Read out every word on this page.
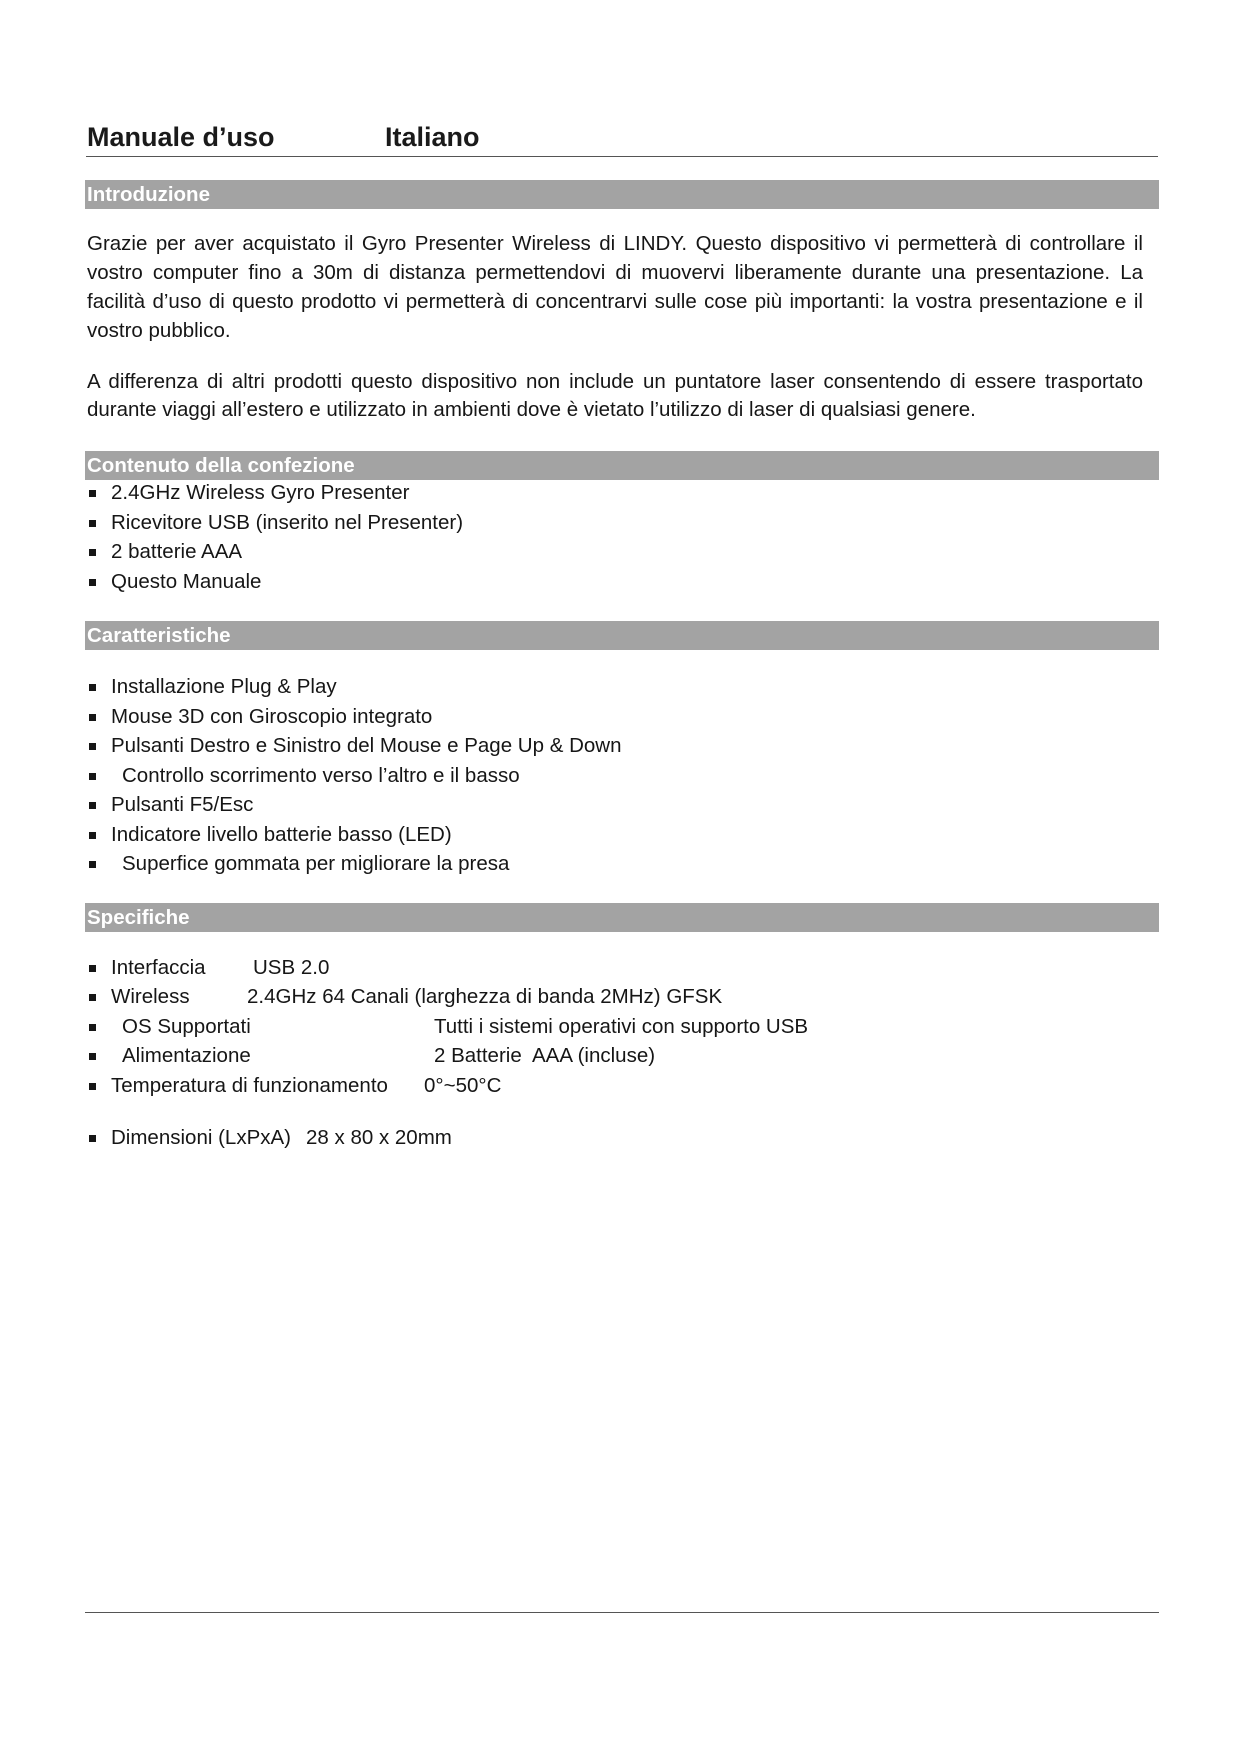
Manuale d’uso	Italiano
Introduzione

Grazie per aver acquistato il Gyro Presenter Wireless di LINDY. Questo dispositivo vi permetterà di controllare il vostro computer fino a 30m di distanza permettendovi di muovervi liberamente durante una presentazione. La facilità d’uso di questo prodotto vi permetterà di concentrarvi sulle cose più importanti: la vostra presentazione e il vostro pubblico.

A differenza di altri prodotti questo dispositivo non include un puntatore laser consentendo di essere trasportato durante viaggi all’estero e utilizzato in ambienti dove è vietato l’utilizzo di laser di qualsiasi genere.

Contenuto della confezione
2.4GHz Wireless Gyro Presenter
Ricevitore USB (inserito nel Presenter)
2 batterie AAA
Questo Manuale
Caratteristiche
Installazione Plug & Play
Mouse 3D con Giroscopio integrato
Pulsanti Destro e Sinistro del Mouse e Page Up & Down
Controllo scorrimento verso l’altro e il basso
Pulsanti F5/Esc
Indicatore livello batterie basso (LED)
Superfice gommata per migliorare la presa
Specifiche
Interfaccia USB 2.0
Wireless	2.4GHz 64 Canali (larghezza di banda 2MHz) GFSK
OS Supportati	Tutti i sistemi operativi con supporto USB
Alimentazione	2 Batterie  AAA (incluse)
Temperatura di funzionamento 0°~50°C
Dimensioni (LxPxA) 28 x 80 x 20mm
